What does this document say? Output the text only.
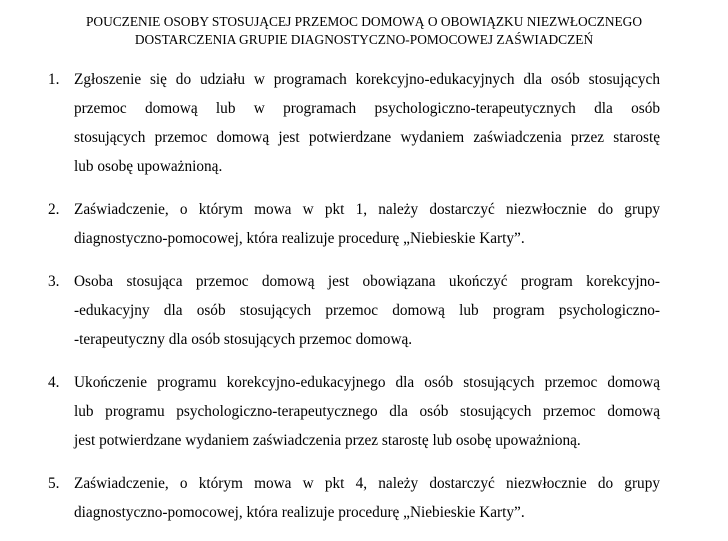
POUCZENIE OSOBY STOSUJĄCEJ PRZEMOC DOMOWĄ O OBOWIĄZKU NIEZWŁOCZNEGO
DOSTARCZENIA GRUPIE DIAGNOSTYCZNO-POMOCOWEJ ZAŚWIADCZEŃ
1. Zgłoszenie się do udziału w programach korekcyjno-edukacyjnych dla osób stosujących
przemoc domową lub w programach psychologiczno-terapeutycznych dla osób
stosujących przemoc domową jest potwierdzane wydaniem zaświadczenia przez starostę
lub osobę upoważnioną.
2. Zaświadczenie, o którym mowa w pkt 1, należy dostarczyć niezwłocznie do grupy
diagnostyczno-pomocowej, która realizuje procedurę „Niebieskie Karty”.
3. Osoba stosująca przemoc domową jest obowiązana ukończyć program korekcyjno-
-edukacyjny dla osób stosujących przemoc domową lub program psychologiczno-
-terapeutyczny dla osób stosujących przemoc domową.
4. Ukończenie programu korekcyjno-edukacyjnego dla osób stosujących przemoc domową
lub programu psychologiczno-terapeutycznego dla osób stosujących przemoc domową
jest potwierdzane wydaniem zaświadczenia przez starostę lub osobę upoważnioną.
5. Zaświadczenie, o którym mowa w pkt 4, należy dostarczyć niezwłocznie do grupy
diagnostyczno-pomocowej, która realizuje procedurę „Niebieskie Karty”.
